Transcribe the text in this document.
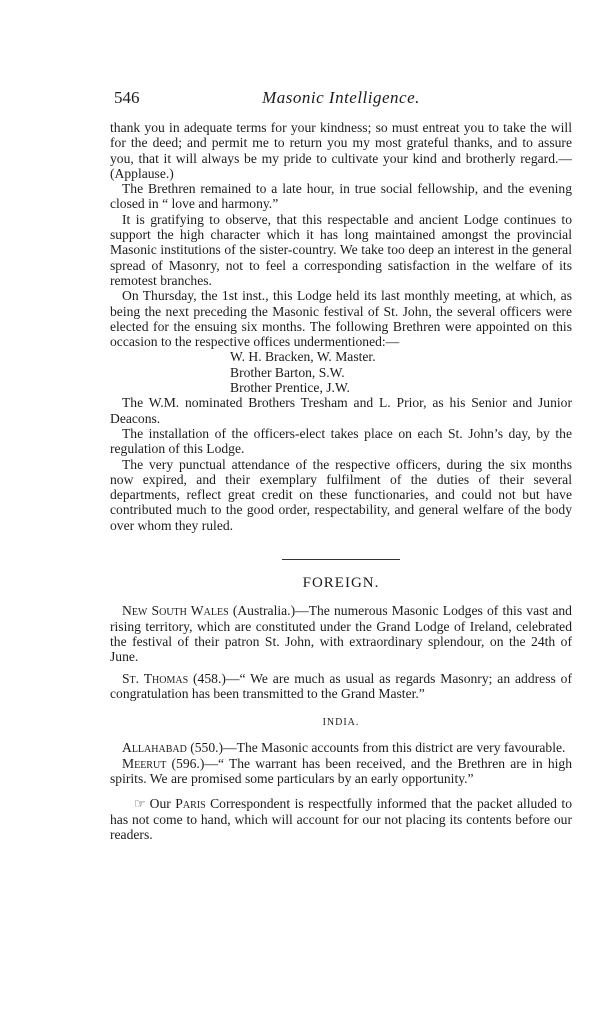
546	Masonic Intelligence.

thank you in adequate terms for your kindness; so must entreat you to take the will for the deed; and permit me to return you my most grateful thanks, and to assure you, that it will always be my pride to cultivate your kind and brotherly regard.—(Applause.)

The Brethren remained to a late hour, in true social fellowship, and the evening closed in “ love and harmony.”

It is gratifying to observe, that this respectable and ancient Lodge continues to support the high character which it has long maintained amongst the provincial Masonic institutions of the sister-country. We take too deep an interest in the general spread of Masonry, not to feel a corresponding satisfaction in the welfare of its remotest branches.

On Thursday, the 1st inst., this Lodge held its last monthly meeting, at which, as being the next preceding the Masonic festival of St. John, the several officers were elected for the ensuing six months. The following Brethren were appointed on this occasion to the respective offices undermentioned:—

W. H. Bracken, W. Master.
Brother Barton, S.W.
Brother Prentice, J.W.

The W.M. nominated Brothers Tresham and L. Prior, as his Senior and Junior Deacons.

The installation of the officers-elect takes place on each St. John’s day, by the regulation of this Lodge.

The very punctual attendance of the respective officers, during the six months now expired, and their exemplary fulfilment of the duties of their several departments, reflect great credit on these functionaries, and could not but have contributed much to the good order, respectability, and general welfare of the body over whom they ruled.

FOREIGN.

New South Wales (Australia.)—The numerous Masonic Lodges of this vast and rising territory, which are constituted under the Grand Lodge of Ireland, celebrated the festival of their patron St. John, with extraordinary splendour, on the 24th of June.

St. Thomas (458.)—“ We are much as usual as regards Masonry; an address of congratulation has been transmitted to the Grand Master.”

INDIA.

Allahabad (550.)—The Masonic accounts from this district are very favourable.

Meerut (596.)—“ The warrant has been received, and the Brethren are in high spirits. We are promised some particulars by an early opportunity.”

☞ Our Paris Correspondent is respectfully informed that the packet alluded to has not come to hand, which will account for our not placing its contents before our readers.
